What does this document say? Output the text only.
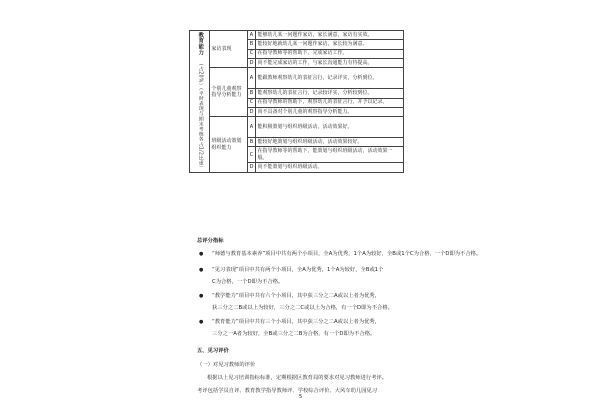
教育能力
（占20%）（平时表现与期末考核各占1/2比重）	家访表现	A	能够幼儿某一问题作家访，家长满意，家访有实效。
		B	能较好地就幼儿某一问题作家访，家长较为满意。
		C	在指导教师等的帮助下，完成家访工作。
		D	尚不能完成家访的工作，与家长沟通能力有待提高。
	个别儿童观察指导分析能力	A	能跟教师观察幼儿的表征言行，记录详实，分析到位。
		B	能观察幼儿的表征言行，记录较详实，分析较到位。
		C	在指导教师的帮助下，观察幼儿的表征言行，并予以记录。
		D	尚不具备对个别儿童的观察指导分析能力。
	班级活动策划组织能力	A	能积极策划与组织班级活动，活动效果好。
		B	能较好地策划与组织班级活动，活动效果较好。
		C	在指导教师等的帮助下，能策划与组织班级活动，活动效果一般。
		D	尚不能策划与组织班级活动。
总评分指标
● “师德与教育基本素养”项目中共有两个小项目，全A为优秀，1个A为较好，全B或1个C为合格，一个D即为不合格。
● “见习表现”项目中共有两个小项目，全A为优秀，1个A为较好，全B或1个
C为合格，一个D即为不合格。
● “教学能力”项目中共有六个小项目，其中获三分之二A或以上者为优秀，
获三分之二B或以上为较好，三分之二C或以上为合格，有一个D即为不合格。
● “教育能力”项目中共有三个小项目，其中获三分之二A或以上者为优秀，
三分之一A者为较好，全B或三分之二B为合格，有一个D即为不合格。
五、见习评价
（一）对见习教师的评价
根据以上见习培训指标标准，定期根据区教育局的要求对见习教师进行考评。
考评包括学员自评、教育教学指导教师评、学校综合评价、大风车幼儿园见习
5
